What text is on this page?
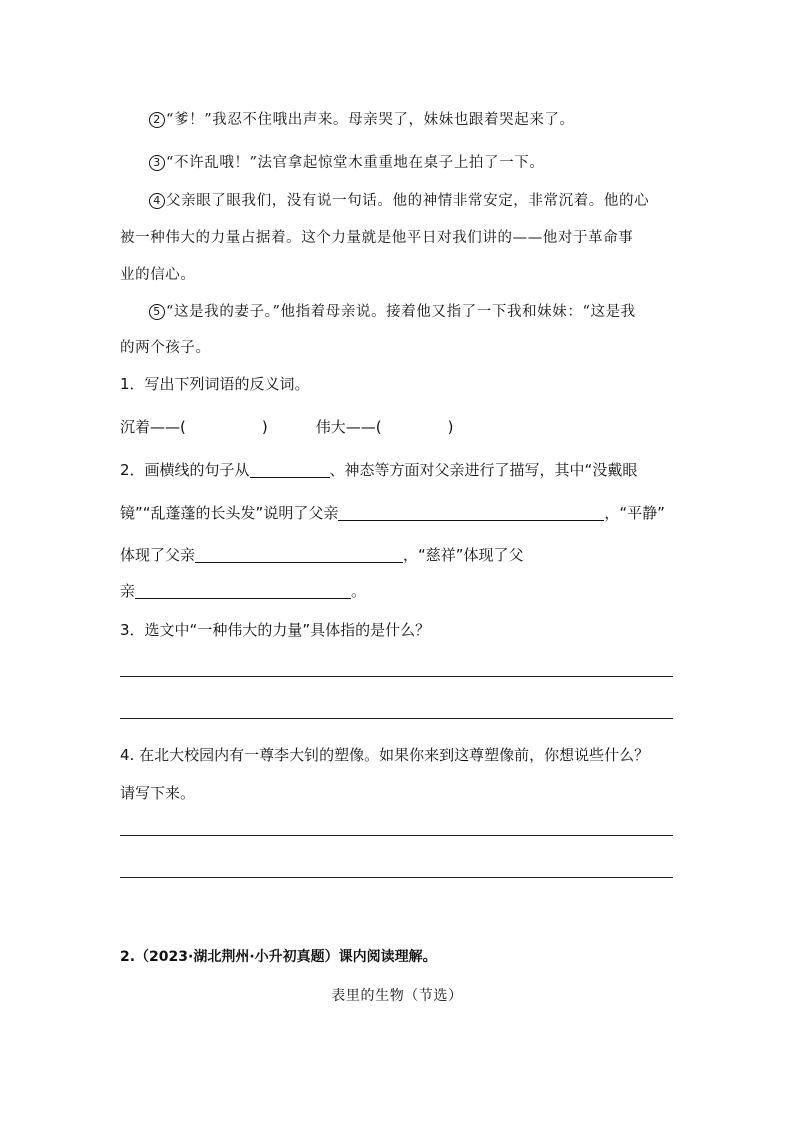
2 “爹！”我忍不住哦出声来。母亲哭了，妹妹也跟着哭起来了。
3 “不许乱哦！”法官拿起惊堂木重重地在桌子上拍了一下。
4 父亲眼了眼我们，没有说一句话。他的神情非常安定，非常沉着。他的心
被一种伟大的力量占据着。这个力量就是他平日对我们讲的——他对于革命事
业的信心。
5 “这是我的妻子。”他指着母亲说。接着他又指了一下我和妹妹：“这是我
的两个孩子。
1．写出下列词语的反义词。
沉着——(	)	伟大——(	)
2．画横线的句子从	、神态等方面对父亲进行了描写，其中“没戴眼
镜”“乱蓬蓬的长头发”说明了父亲	，“平静”
体现了父亲	，“慈祥”体现了父
亲	。
3．选文中“一种伟大的力量”具体指的是什么？
4. 在北大校园内有一尊李大钊的塑像。如果你来到这尊塑像前，你想说些什么？
请写下来。
2.（2023·湖北荆州·小升初真题）课内阅读理解。
表里的生物（节选）
